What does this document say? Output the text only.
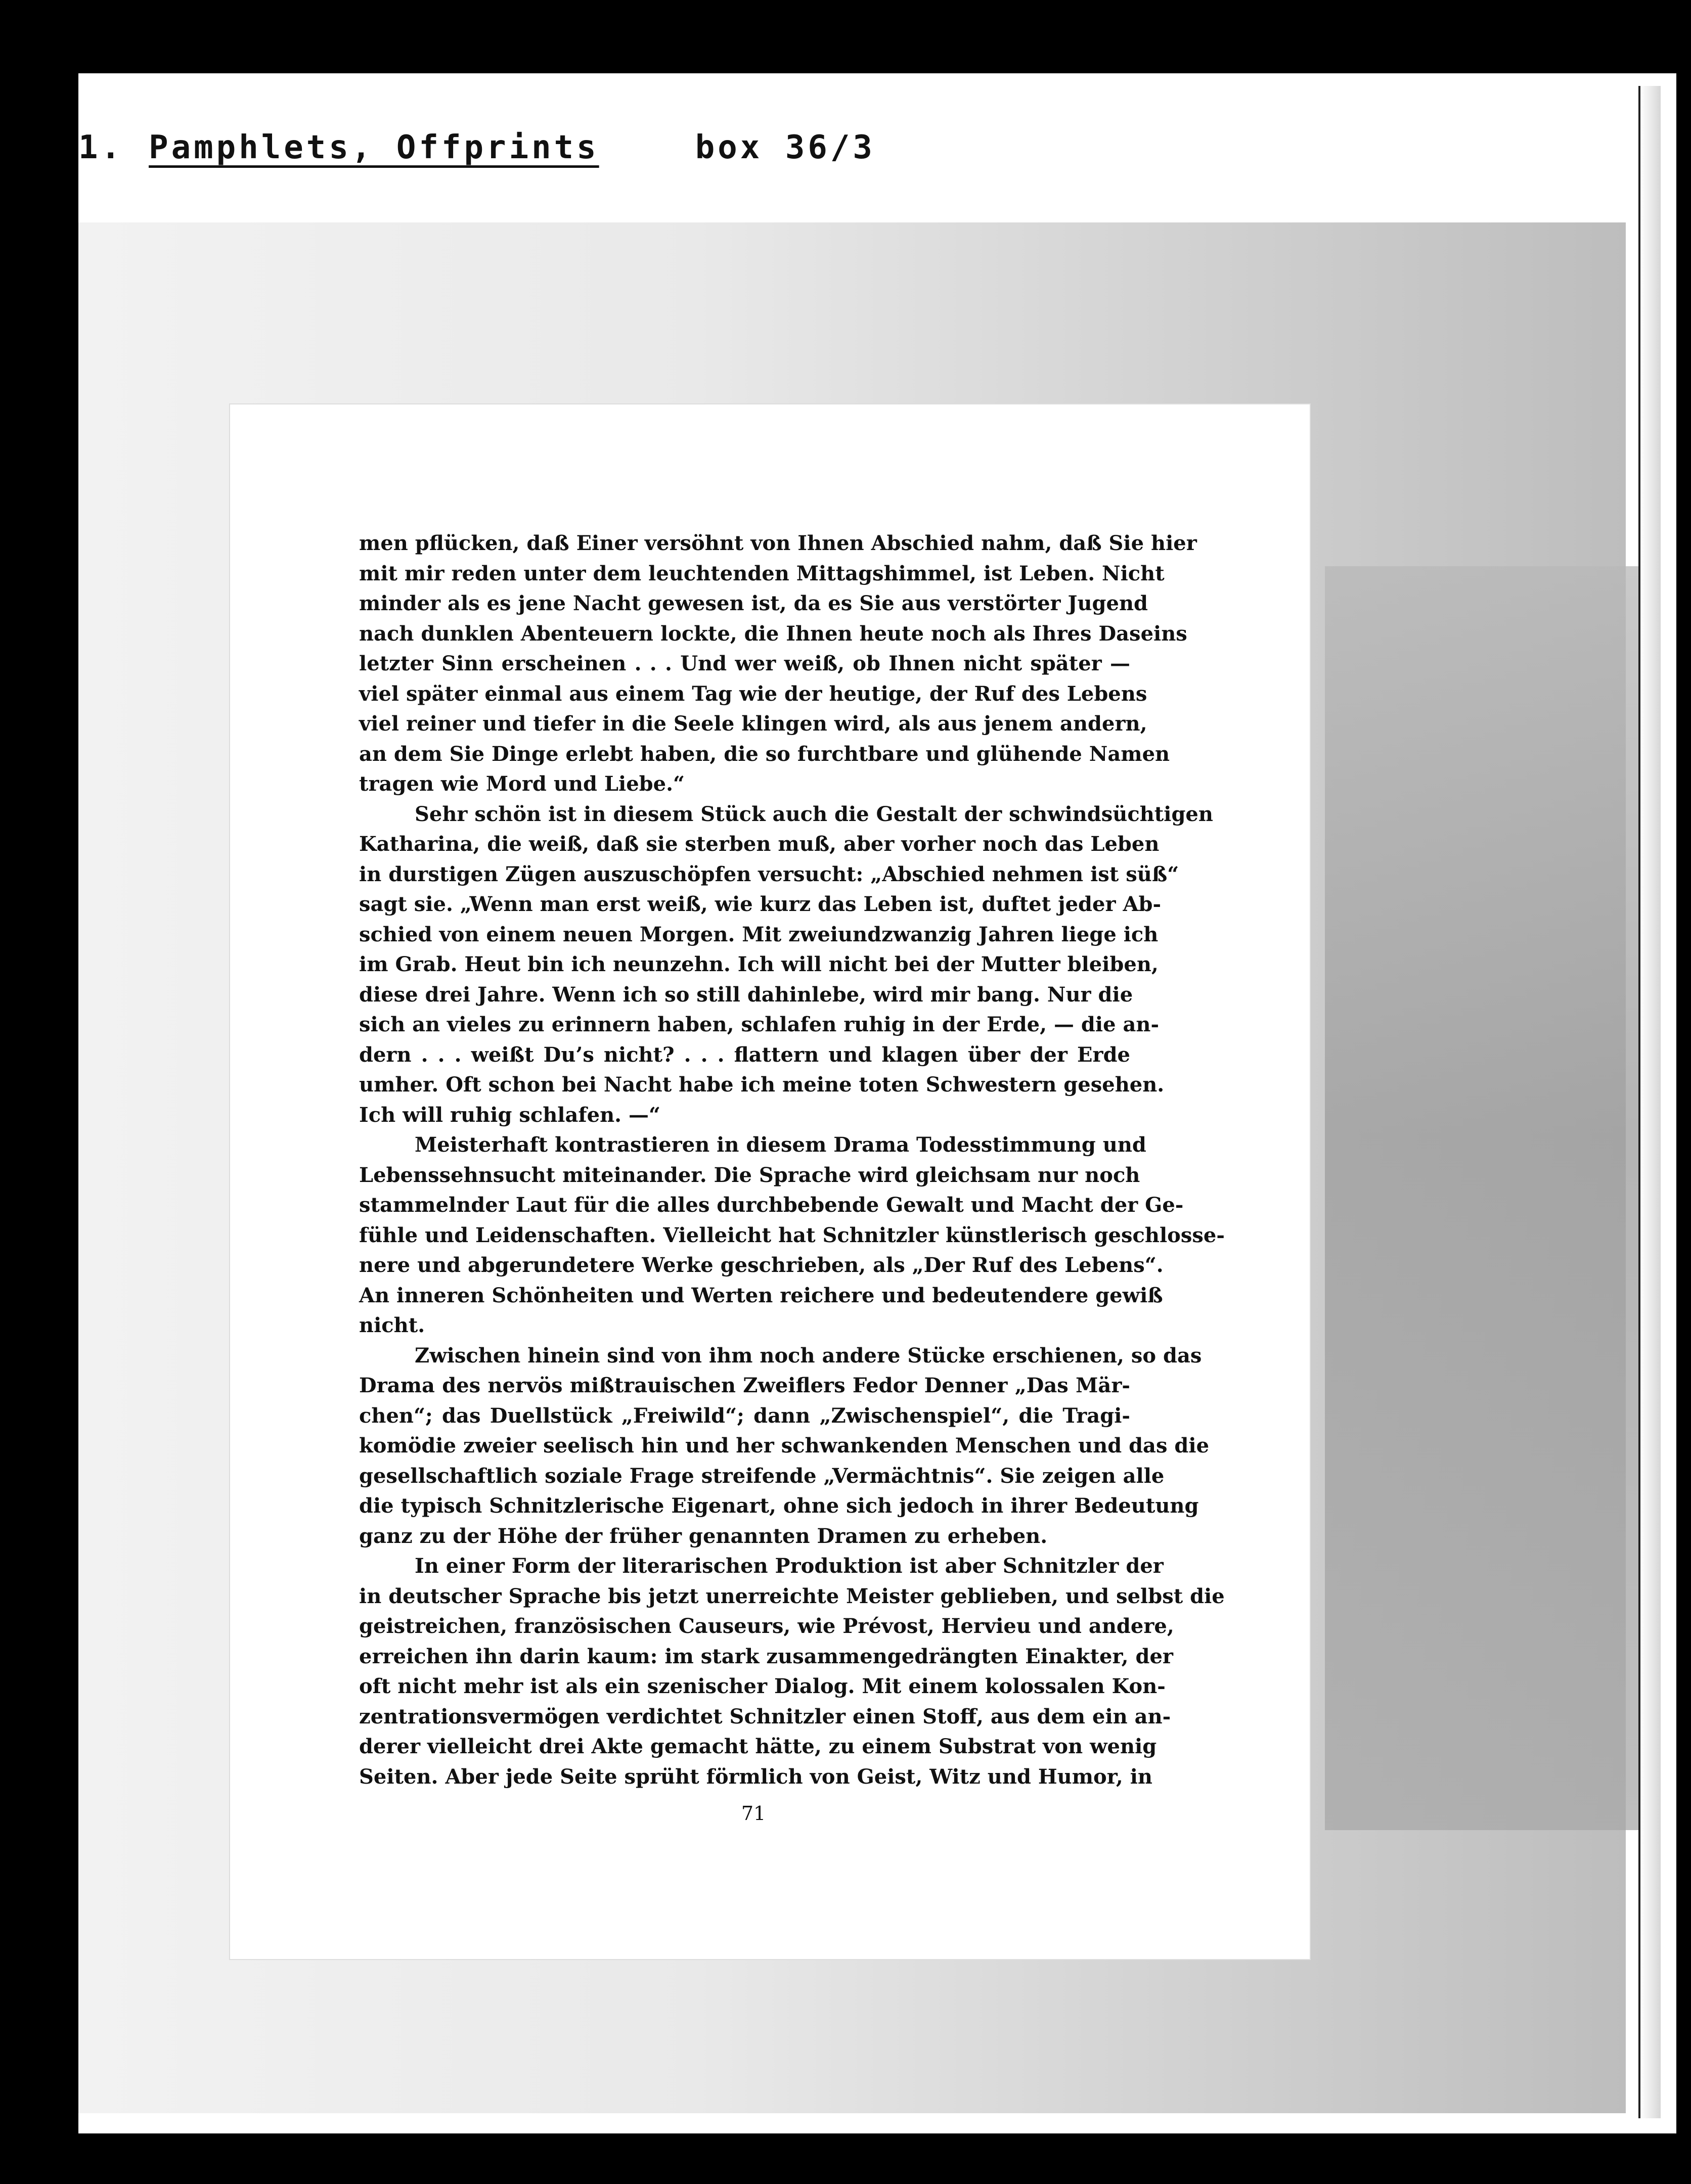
1. Pamphlets, Offprints	box 36/3
men pflücken, daß Einer versöhnt von Ihnen Abschied nahm, daß Sie hier
mit mir reden unter dem leuchtenden Mittagshimmel, ist Leben. Nicht
minder als es jene Nacht gewesen ist, da es Sie aus verstörter Jugend
nach dunklen Abenteuern lockte, die Ihnen heute noch als Ihres Daseins
letzter Sinn erscheinen . . . Und wer weiß, ob Ihnen nicht später —
viel später einmal aus einem Tag wie der heutige, der Ruf des Lebens
viel reiner und tiefer in die Seele klingen wird, als aus jenem andern,
an dem Sie Dinge erlebt haben, die so furchtbare und glühende Namen
tragen wie Mord und Liebe.“
Sehr schön ist in diesem Stück auch die Gestalt der schwindsüchtigen
Katharina, die weiß, daß sie sterben muß, aber vorher noch das Leben
in durstigen Zügen auszuschöpfen versucht: „Abschied nehmen ist süß“
sagt sie. „Wenn man erst weiß, wie kurz das Leben ist, duftet jeder Ab-
schied von einem neuen Morgen. Mit zweiundzwanzig Jahren liege ich
im Grab. Heut bin ich neunzehn. Ich will nicht bei der Mutter bleiben,
diese drei Jahre. Wenn ich so still dahinlebe, wird mir bang. Nur die
sich an vieles zu erinnern haben, schlafen ruhig in der Erde, — die an-
dern . . . weißt Du’s nicht? . . . flattern und klagen über der Erde
umher. Oft schon bei Nacht habe ich meine toten Schwestern gesehen.
Ich will ruhig schlafen. —“
Meisterhaft kontrastieren in diesem Drama Todesstimmung und
Lebenssehnsucht miteinander. Die Sprache wird gleichsam nur noch
stammelnder Laut für die alles durchbebende Gewalt und Macht der Ge-
fühle und Leidenschaften. Vielleicht hat Schnitzler künstlerisch geschlosse-
nere und abgerundetere Werke geschrieben, als „Der Ruf des Lebens“.
An inneren Schönheiten und Werten reichere und bedeutendere gewiß
nicht.
Zwischen hinein sind von ihm noch andere Stücke erschienen, so das
Drama des nervös mißtrauischen Zweiflers Fedor Denner „Das Mär-
chen“; das Duellstück „Freiwild“; dann „Zwischenspiel“, die Tragi-
komödie zweier seelisch hin und her schwankenden Menschen und das die
gesellschaftlich soziale Frage streifende „Vermächtnis“. Sie zeigen alle
die typisch Schnitzlerische Eigenart, ohne sich jedoch in ihrer Bedeutung
ganz zu der Höhe der früher genannten Dramen zu erheben.
In einer Form der literarischen Produktion ist aber Schnitzler der
in deutscher Sprache bis jetzt unerreichte Meister geblieben, und selbst die
geistreichen, französischen Causeurs, wie Prévost, Hervieu und andere,
erreichen ihn darin kaum: im stark zusammengedrängten Einakter, der
oft nicht mehr ist als ein szenischer Dialog. Mit einem kolossalen Kon-
zentrationsvermögen verdichtet Schnitzler einen Stoff, aus dem ein an-
derer vielleicht drei Akte gemacht hätte, zu einem Substrat von wenig
Seiten. Aber jede Seite sprüht förmlich von Geist, Witz und Humor, in
71
